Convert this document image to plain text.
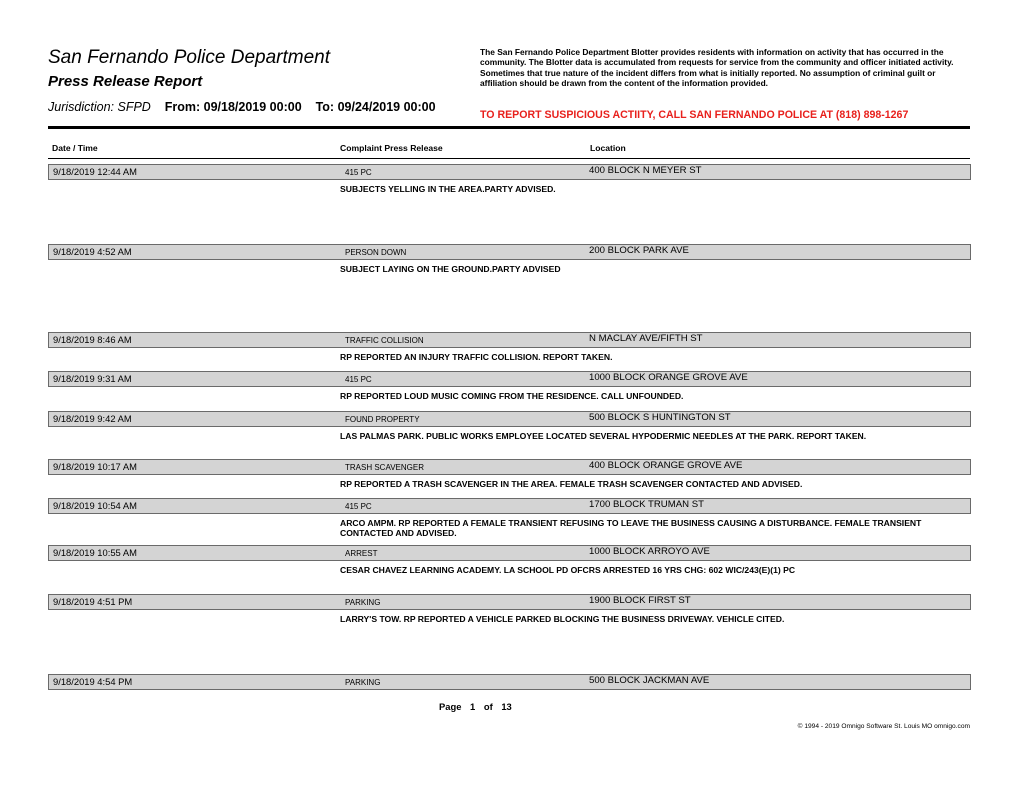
San Fernando Police Department
Press Release Report
Jurisdiction: SFPD From: 09/18/2019 00:00 To: 09/24/2019 00:00
The San Fernando Police Department Blotter provides residents with information on activity that has occurred in the community. The Blotter data is accumulated from requests for service from the community and officer initiated activity. Sometimes that true nature of the incident differs from what is initially reported. No assumption of criminal guilt or affiliation should be drawn from the content of the information provided.
TO REPORT SUSPICIOUS ACTIITY, CALL SAN FERNANDO POLICE AT (818) 898-1267
Date / Time	Complaint Press Release	Location
9/18/2019 12:44 AM	415 PC	400 BLOCK N MEYER ST
SUBJECTS YELLING IN THE AREA.PARTY ADVISED.
9/18/2019 4:52 AM	PERSON DOWN	200 BLOCK PARK AVE
SUBJECT LAYING ON THE GROUND.PARTY ADVISED
9/18/2019 8:46 AM	TRAFFIC COLLISION	N MACLAY AVE/FIFTH ST
RP REPORTED AN INJURY TRAFFIC COLLISION. REPORT TAKEN.
9/18/2019 9:31 AM	415 PC	1000 BLOCK ORANGE GROVE AVE
RP REPORTED LOUD MUSIC COMING FROM THE RESIDENCE. CALL UNFOUNDED.
9/18/2019 9:42 AM	FOUND PROPERTY	500 BLOCK S HUNTINGTON ST
LAS PALMAS PARK. PUBLIC WORKS EMPLOYEE LOCATED SEVERAL HYPODERMIC NEEDLES AT THE PARK. REPORT TAKEN.
9/18/2019 10:17 AM	TRASH SCAVENGER	400 BLOCK ORANGE GROVE AVE
RP REPORTED A TRASH SCAVENGER IN THE AREA. FEMALE TRASH SCAVENGER CONTACTED AND ADVISED.
9/18/2019 10:54 AM	415 PC	1700 BLOCK TRUMAN ST
ARCO AMPM. RP REPORTED A FEMALE TRANSIENT REFUSING TO LEAVE THE BUSINESS CAUSING A DISTURBANCE. FEMALE TRANSIENT CONTACTED AND ADVISED.
9/18/2019 10:55 AM	ARREST	1000 BLOCK ARROYO AVE
CESAR CHAVEZ LEARNING ACADEMY. LA SCHOOL PD OFCRS ARRESTED 16 YRS CHG: 602 WIC/243(E)(1) PC
9/18/2019 4:51 PM	PARKING	1900 BLOCK FIRST ST
LARRY'S TOW. RP REPORTED A VEHICLE PARKED BLOCKING THE BUSINESS DRIVEWAY. VEHICLE CITED.
9/18/2019 4:54 PM	PARKING	500 BLOCK JACKMAN AVE
Page 1 of 13
© 1994 - 2019 Omnigo Software St. Louis MO omnigo.com
